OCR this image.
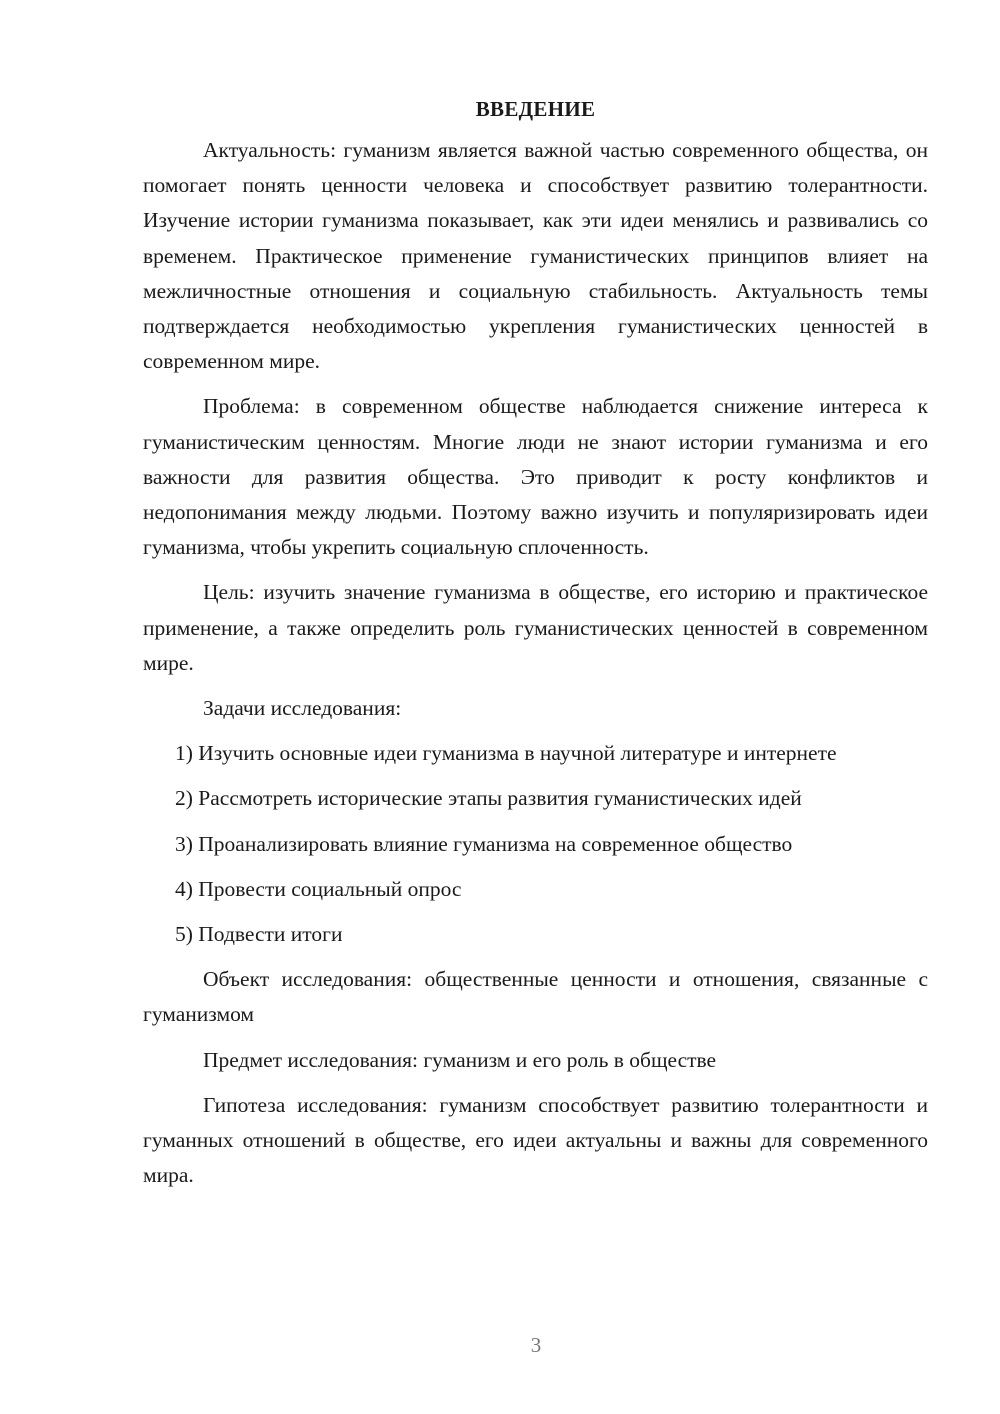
ВВЕДЕНИЕ

Актуальность: гуманизм является важной частью современного общества, он помогает понять ценности человека и способствует развитию толерантности. Изучение истории гуманизма показывает, как эти идеи менялись и развивались со временем. Практическое применение гуманистических принципов влияет на межличностные отношения и социальную стабильность. Актуальность темы подтверждается необходимостью укрепления гуманистических ценностей в современном мире.

Проблема: в современном обществе наблюдается снижение интереса к гуманистическим ценностям. Многие люди не знают истории гуманизма и его важности для развития общества. Это приводит к росту конфликтов и недопонимания между людьми. Поэтому важно изучить и популяризировать идеи гуманизма, чтобы укрепить социальную сплоченность.

Цель: изучить значение гуманизма в обществе, его историю и практическое применение, а также определить роль гуманистических ценностей в современном мире.

Задачи исследования:

1) Изучить основные идеи гуманизма в научной литературе и интернете

2) Рассмотреть исторические этапы развития гуманистических идей

3) Проанализировать влияние гуманизма на современное общество

4) Провести социальный опрос

5) Подвести итоги

Объект исследования: общественные ценности и отношения, связанные с гуманизмом

Предмет исследования: гуманизм и его роль в обществе

Гипотеза исследования: гуманизм способствует развитию толерантности и гуманных отношений в обществе, его идеи актуальны и важны для современного мира.

3
